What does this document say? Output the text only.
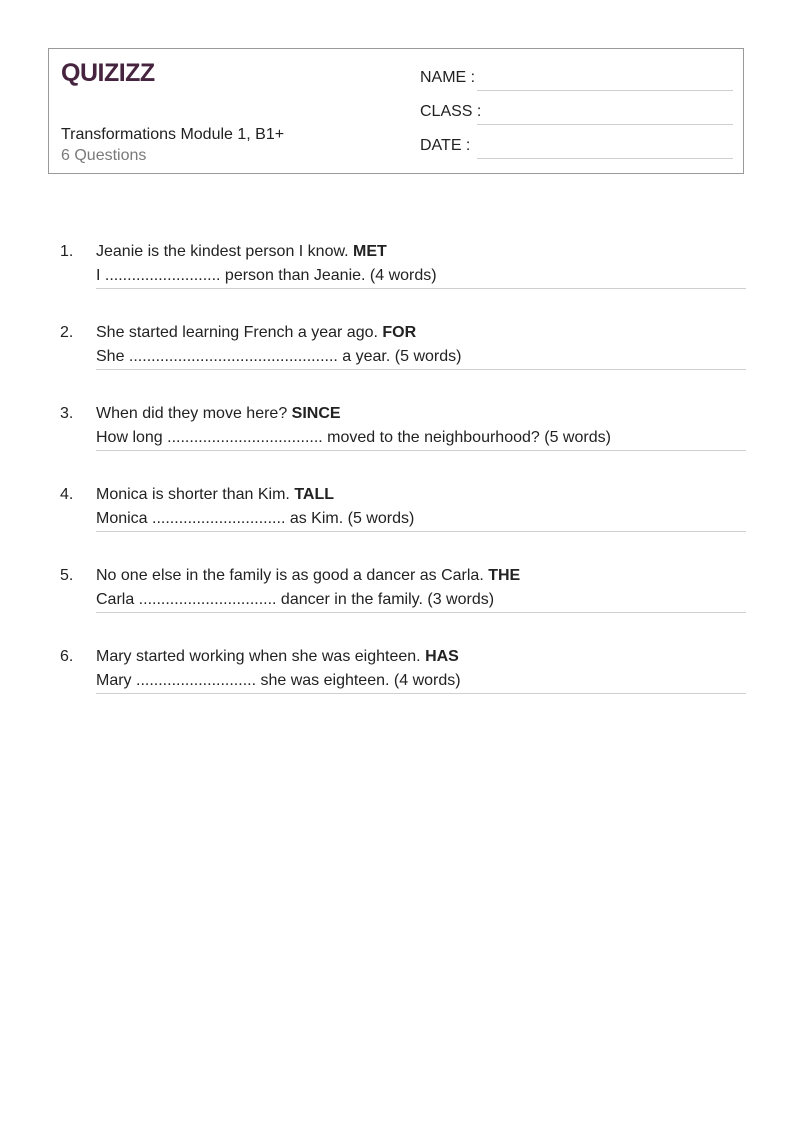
QUIZIZZ
Transformations Module 1, B1+
6 Questions
NAME :
CLASS :
DATE :
1. Jeanie is the kindest person I know. MET
I .......................... person than Jeanie. (4 words)
2. She started learning French a year ago. FOR
She ............................................... a year. (5 words)
3. When did they move here? SINCE
How long ................................... moved to the neighbourhood? (5 words)
4. Monica is shorter than Kim. TALL
Monica .............................. as Kim. (5 words)
5. No one else in the family is as good a dancer as Carla. THE
Carla ............................... dancer in the family. (3 words)
6. Mary started working when she was eighteen. HAS
Mary ........................... she was eighteen. (4 words)
